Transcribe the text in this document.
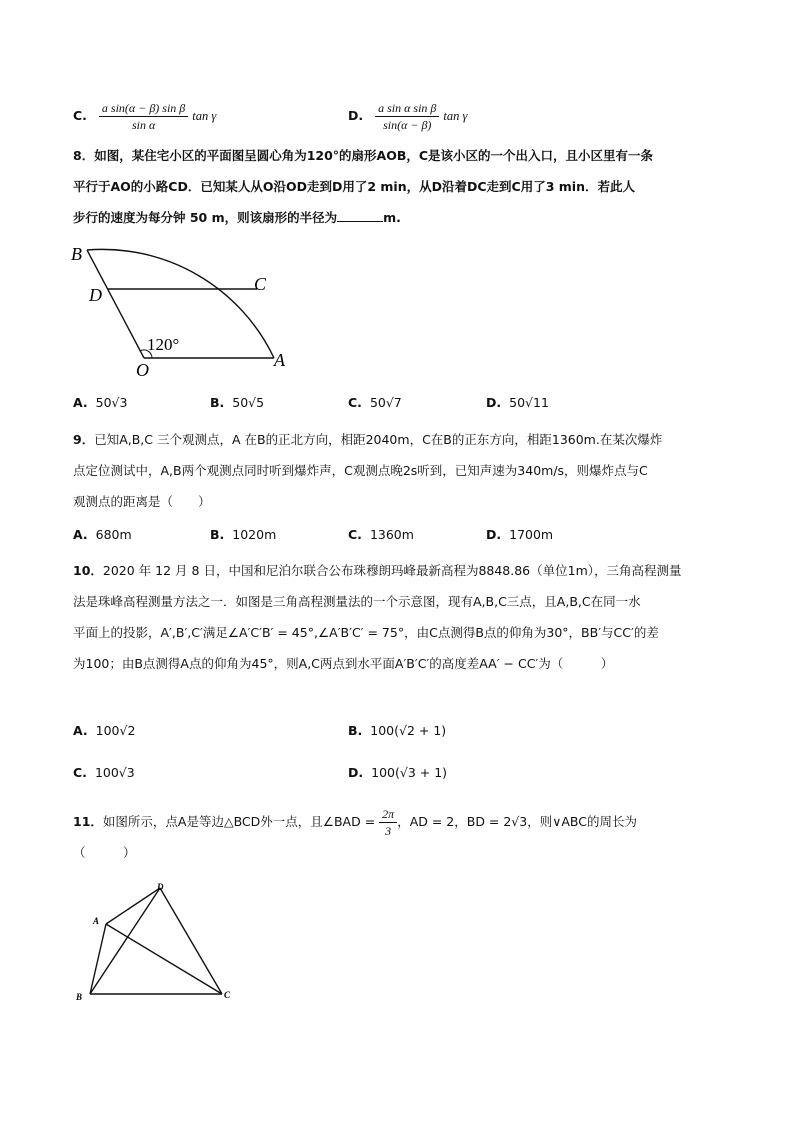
C. $\frac{\text{a sin(α − β) sin β}}{\text{sin α}}$ tan γ	D. $\frac{\text{a sin α sin β}}{\sin(\alpha - \beta)}$ tan γ
8．如图，某住宅小区的平面图呈圆心角为120°的扇形AOB，C是该小区的一个出入口，且小区里有一条
平行于AO的小路CD．已知某人从O沿OD走到D用了2 min，从D沿着DC走到C用了3 min．若此人
步行的速度为每分钟 50 m，则该扇形的半径为	m.
B
D
C
O	A
120°
A. 50√3	B. 50√5	C. 50√7	D. 50√11
9．已知A,B,C 三个观测点，A 在B的正北方向，相距2040m，C在B的正东方向，相距1360m.在某次爆炸
点定位测试中，A,B两个观测点同时听到爆炸声，C观测点晚2s听到，已知声速为340m/s，则爆炸点与C
观测点的距离是（　　）
A. 680m	B. 1020m	C. 1360m	D. 1700m
10．2020 年 12 月 8 日，中国和尼泊尔联合公布珠穆朗玛峰最新高程为8848.86（单位1m），三角高程测量
法是珠峰高程测量方法之一．如图是三角高程测量法的一个示意图，现有A,B,C三点，且A,B,C在同一水
平面上的投影，A′,B′,C′满足∠A′C′B′ = 45°,∠A′B′C′ = 75°，由C点测得B点的仰角为30°，BB′与CC′的差
为100；由B点测得A点的仰角为45°，则A,C两点到水平面A′B′C′的高度差AA′ − CC′为（　　　）
A. 100√2	B. 100(√2 + 1)
C. 100√3	D. 100(√3 + 1)
11．如图所示，点A是等边△BCD外一点，且∠BAD = $\frac{2\pi}{3}$ ，AD = 2，BD = 2√3，则∨ABC的周长为
（　　　）
D
A
B	C
